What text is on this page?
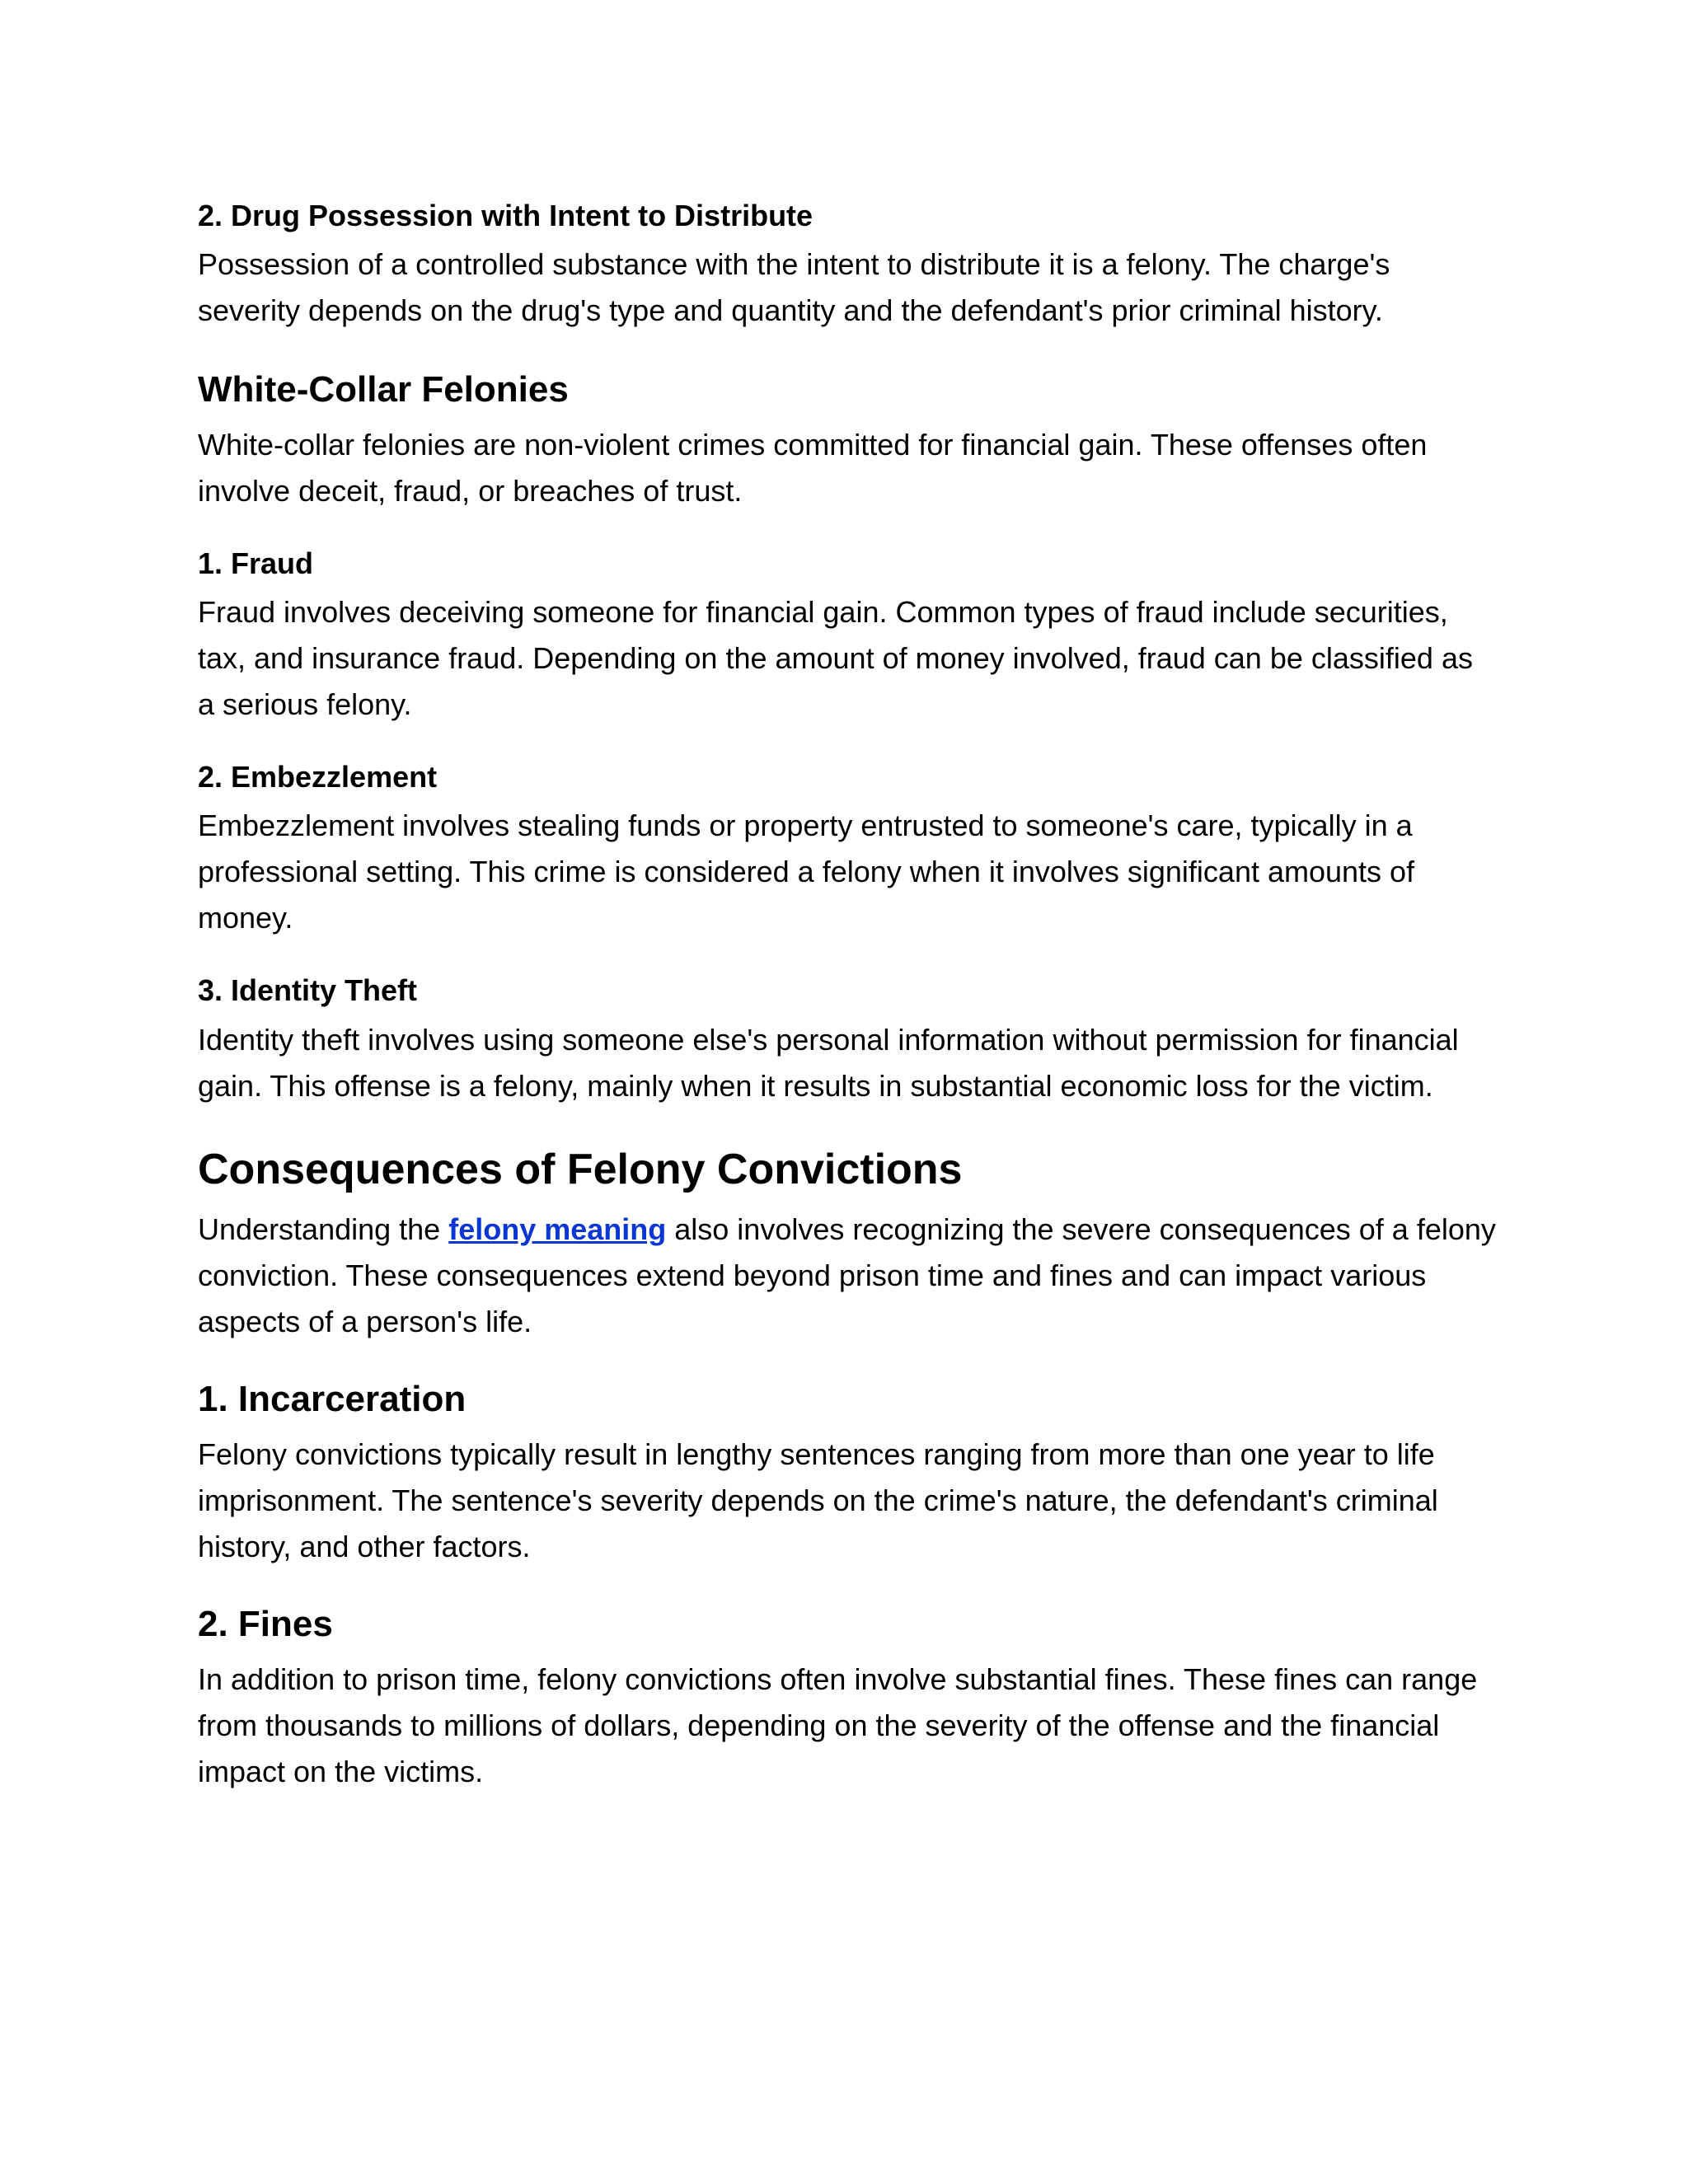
2. Drug Possession with Intent to Distribute

Possession of a controlled substance with the intent to distribute it is a felony. The charge's severity depends on the drug's type and quantity and the defendant's prior criminal history.

White-Collar Felonies

White-collar felonies are non-violent crimes committed for financial gain. These offenses often involve deceit, fraud, or breaches of trust.

1. Fraud

Fraud involves deceiving someone for financial gain. Common types of fraud include securities, tax, and insurance fraud. Depending on the amount of money involved, fraud can be classified as a serious felony.

2. Embezzlement

Embezzlement involves stealing funds or property entrusted to someone's care, typically in a professional setting. This crime is considered a felony when it involves significant amounts of money.

3. Identity Theft

Identity theft involves using someone else's personal information without permission for financial gain. This offense is a felony, mainly when it results in substantial economic loss for the victim.

Consequences of Felony Convictions

Understanding the felony meaning also involves recognizing the severe consequences of a felony conviction. These consequences extend beyond prison time and fines and can impact various aspects of a person's life.

1. Incarceration

Felony convictions typically result in lengthy sentences ranging from more than one year to life imprisonment. The sentence's severity depends on the crime's nature, the defendant's criminal history, and other factors.

2. Fines

In addition to prison time, felony convictions often involve substantial fines. These fines can range from thousands to millions of dollars, depending on the severity of the offense and the financial impact on the victims.
